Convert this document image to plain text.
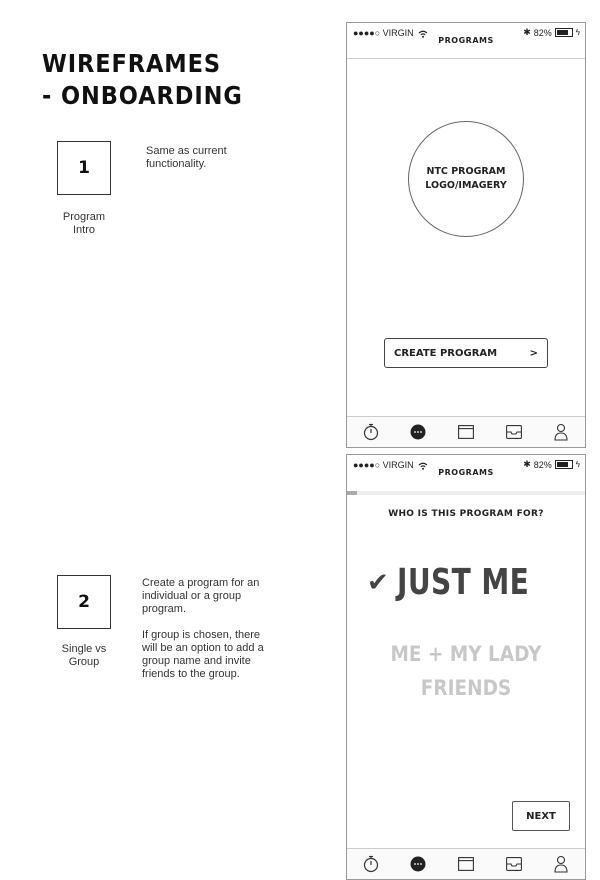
WIREFRAMES
- ONBOARDING
1
Program
Intro
Same as current
functionality.
2
Single vs
Group

Create a program for an
individual or a group
program.

If group is chosen, there
will be an option to add a
group name and invite
friends to the group.

●●●●○ VIRGIN	✱ 82%	ϟ
PROGRAMS
NTC PROGRAM
LOGO/IMAGERY
CREATE PROGRAM	>
●●●●○ VIRGIN	✱ 82%	ϟ
PROGRAMS
WHO IS THIS PROGRAM FOR?
✔ JUST ME
ME + MY LADY
FRIENDS
NEXT
